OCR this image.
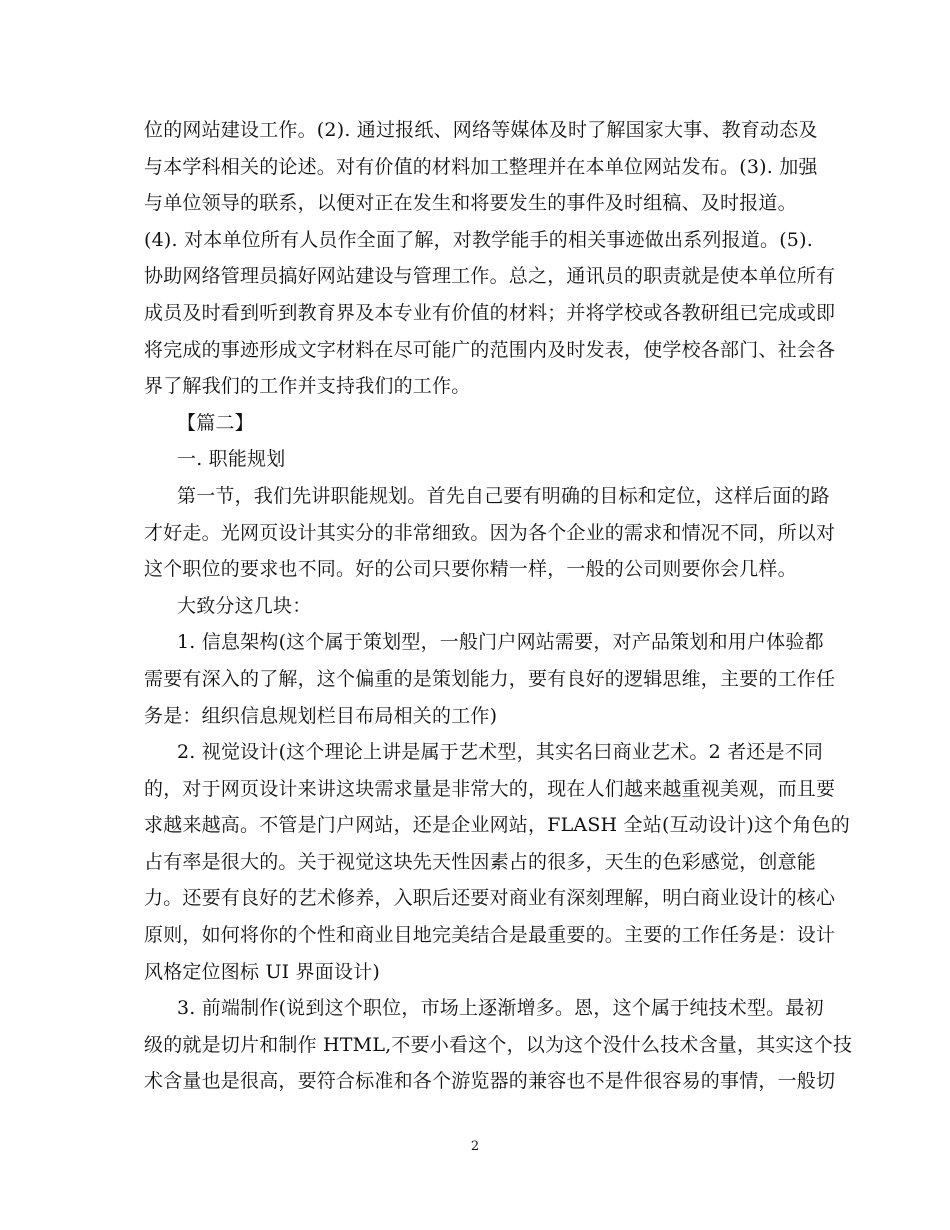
位的网站建设工作。(2). 通过报纸、网络等媒体及时了解国家大事、教育动态及
与本学科相关的论述。对有价值的材料加工整理并在本单位网站发布。(3). 加强
与单位领导的联系，以便对正在发生和将要发生的事件及时组稿、及时报道。
(4). 对本单位所有人员作全面了解，对教学能手的相关事迹做出系列报道。(5).
协助网络管理员搞好网站建设与管理工作。总之，通讯员的职责就是使本单位所有
成员及时看到听到教育界及本专业有价值的材料；并将学校或各教研组已完成或即
将完成的事迹形成文字材料在尽可能广的范围内及时发表，使学校各部门、社会各
界了解我们的工作并支持我们的工作。
【篇二】
一. 职能规划
第一节，我们先讲职能规划。首先自己要有明确的目标和定位，这样后面的路
才好走。光网页设计其实分的非常细致。因为各个企业的需求和情况不同，所以对
这个职位的要求也不同。好的公司只要你精一样，一般的公司则要你会几样。
大致分这几块：
1. 信息架构(这个属于策划型，一般门户网站需要，对产品策划和用户体验都
需要有深入的了解，这个偏重的是策划能力，要有良好的逻辑思维，主要的工作任
务是：组织信息规划栏目布局相关的工作)
2. 视觉设计(这个理论上讲是属于艺术型，其实名曰商业艺术。2 者还是不同
的，对于网页设计来讲这块需求量是非常大的，现在人们越来越重视美观，而且要
求越来越高。不管是门户网站，还是企业网站，FLASH 全站(互动设计)这个角色的
占有率是很大的。关于视觉这块先天性因素占的很多，天生的色彩感觉，创意能
力。还要有良好的艺术修养，入职后还要对商业有深刻理解，明白商业设计的核心
原则，如何将你的个性和商业目地完美结合是最重要的。主要的工作任务是：设计
风格定位图标 UI 界面设计)
3. 前端制作(说到这个职位，市场上逐渐增多。恩，这个属于纯技术型。最初
级的就是切片和制作 HTML,不要小看这个，以为这个没什么技术含量，其实这个技
术含量也是很高，要符合标准和各个游览器的兼容也不是件很容易的事情，一般切
2
